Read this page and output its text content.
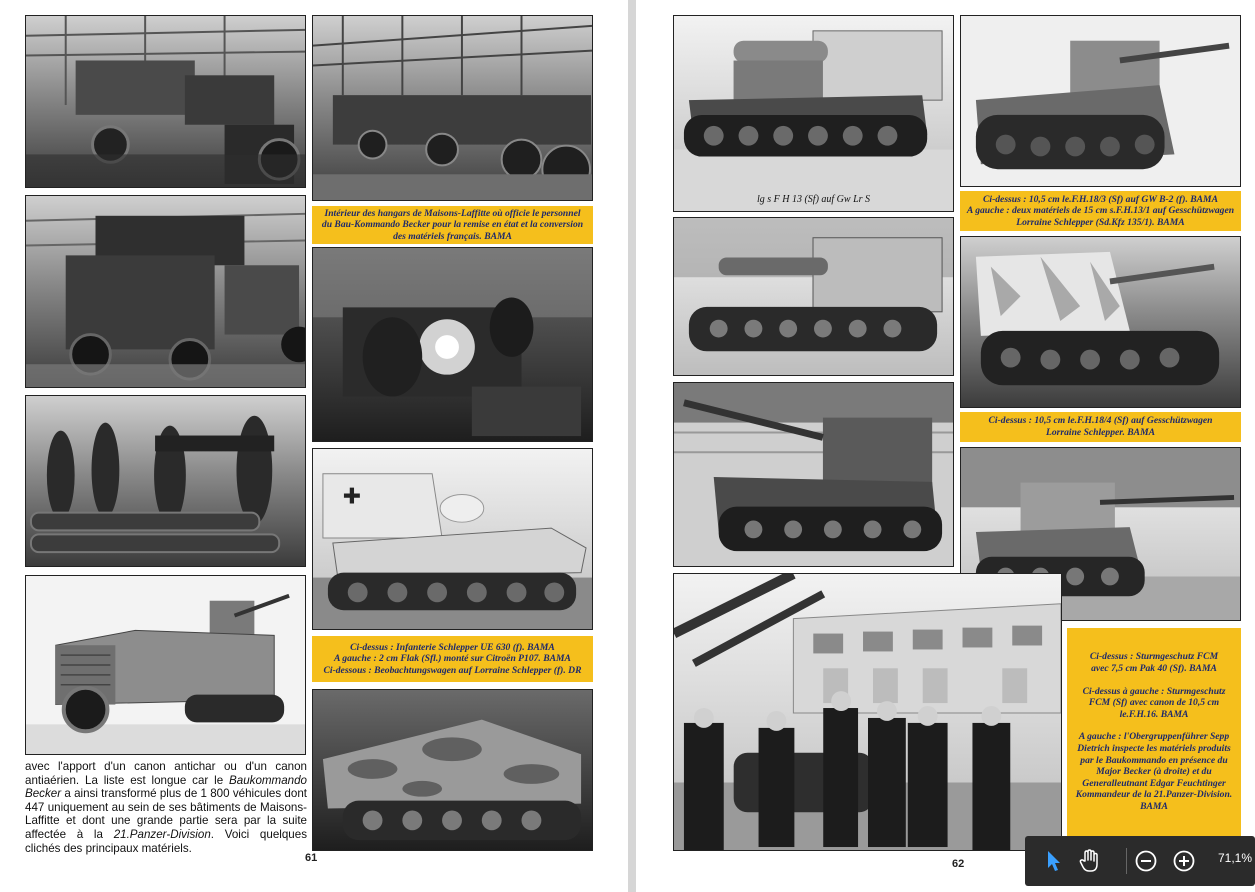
Intérieur des hangars de Maisons-Laffitte où officie le personnel
du Bau-Kommando Becker pour la remise en état et la conversion
des matériels français. BAMA
✚
Ci-dessus : Infanterie Schlepper UE 630 (f). BAMA
A gauche : 2 cm Flak (Sfl.) monté sur Citroën P107. BAMA
Ci-dessous : Beobachtungswagen auf Lorraine Schlepper (f). DR
avec l'apport d'un canon antichar ou d'un canon antiaérien. La liste est longue car le Baukommando Becker a ainsi transformé plus de 1 800 véhicules dont 447 uniquement au sein de ses bâtiments de Maisons-Laffitte et dont une grande partie sera par la suite affectée à la 21.Panzer-Division. Voici quelques clichés des principaux matériels.
61
lg s F H 13 (Sf) auf Gw Lr S	Ci-dessus : 10,5 cm le.F.H.18/3 (Sf) auf GW B-2 (f). BAMA
A gauche : deux matériels de 15 cm s.F.H.13/1 auf Gesschützwagen
Lorraine Schlepper (Sd.Kfz 135/1). BAMA
Ci-dessus : 10,5 cm le.F.H.18/4 (Sf) auf Gesschützwagen
Lorraine Schlepper. BAMA
Ci-dessus : Sturmgeschutz FCM
avec 7,5 cm Pak 40 (Sf). BAMA
Ci-dessus à gauche : Sturmgeschutz
FCM (Sf) avec canon de 10,5 cm
le.F.H.16. BAMA
A gauche : l'Obergruppenführer Sepp
Dietrich inspecte les matériels produits
par le Baukommando en présence du
Major Becker (à droite) et du
Generalleutnant Edgar Feuchtinger
Kommandeur de la 21.Panzer-Division.
BAMA
62	71,1%
